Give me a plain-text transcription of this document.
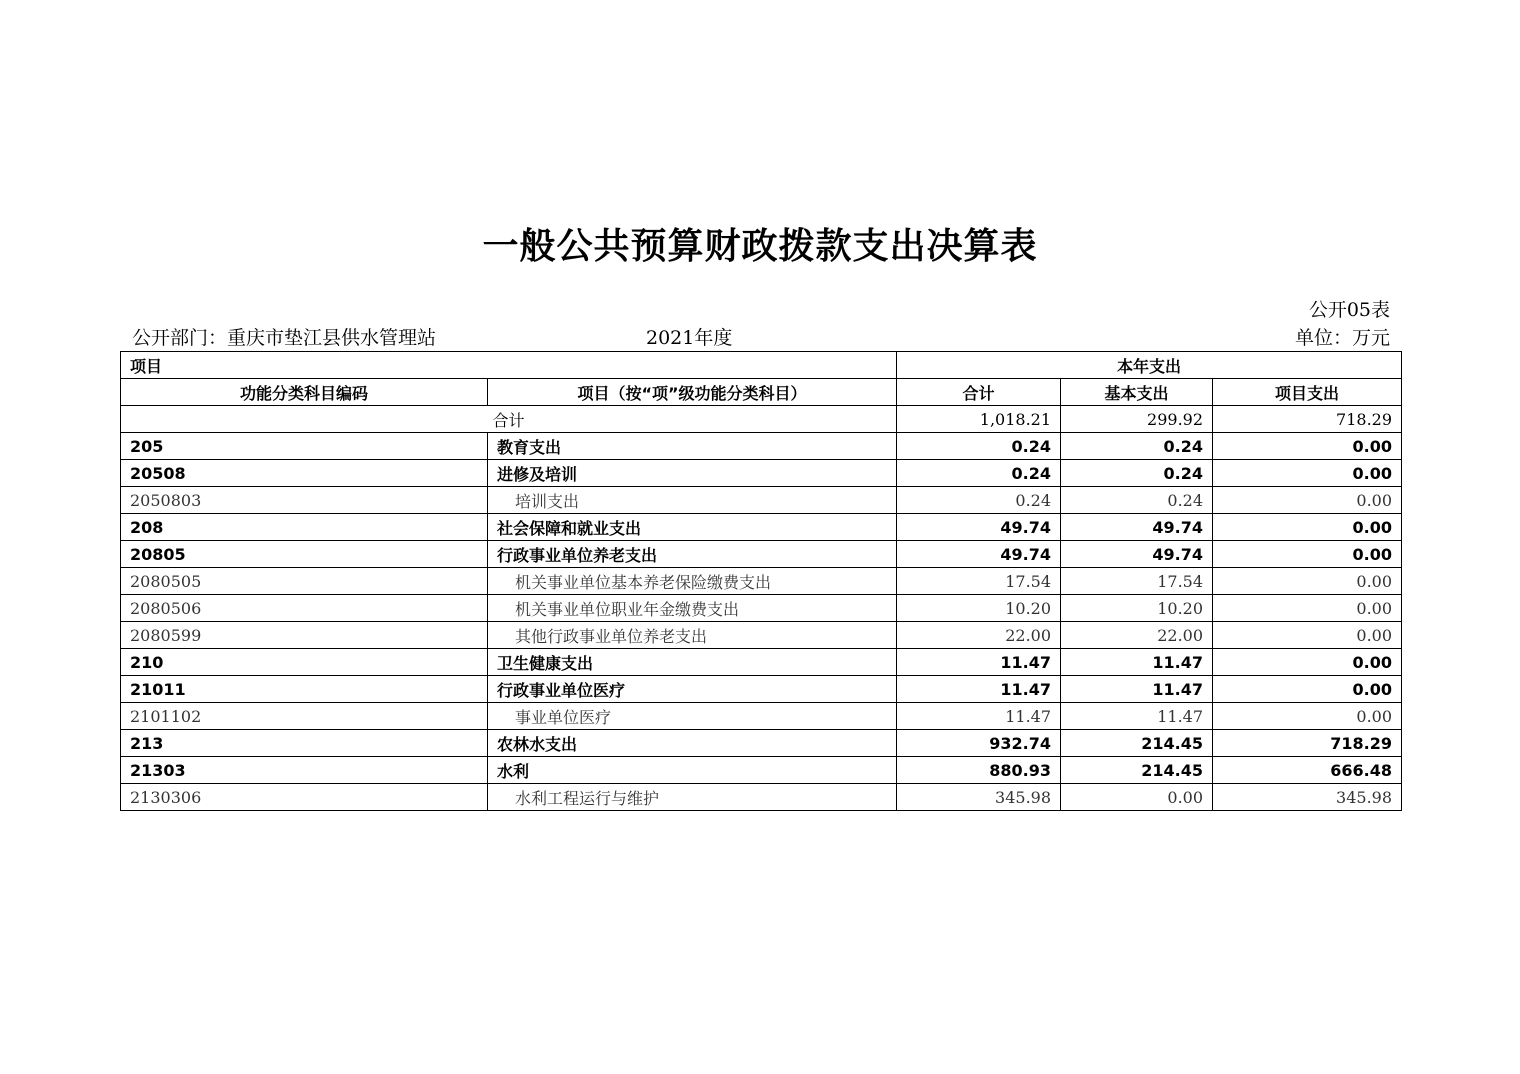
一般公共预算财政拨款支出决算表
公开05表
公开部门：重庆市垫江县供水管理站	2021年度	单位：万元
项目		本年支出		
功能分类科目编码	项目（按“项”级功能分类科目）	合计	基本支出	项目支出
合计		1,018.21	299.92	718.29
205	教育支出	0.24	0.24	0.00
20508	进修及培训	0.24	0.24	0.00
2050803	培训支出	0.24	0.24	0.00
208	社会保障和就业支出	49.74	49.74	0.00
20805	行政事业单位养老支出	49.74	49.74	0.00
2080505	机关事业单位基本养老保险缴费支出	17.54	17.54	0.00
2080506	机关事业单位职业年金缴费支出	10.20	10.20	0.00
2080599	其他行政事业单位养老支出	22.00	22.00	0.00
210	卫生健康支出	11.47	11.47	0.00
21011	行政事业单位医疗	11.47	11.47	0.00
2101102	事业单位医疗	11.47	11.47	0.00
213	农林水支出	932.74	214.45	718.29
21303	水利	880.93	214.45	666.48
2130306	水利工程运行与维护	345.98	0.00	345.98
